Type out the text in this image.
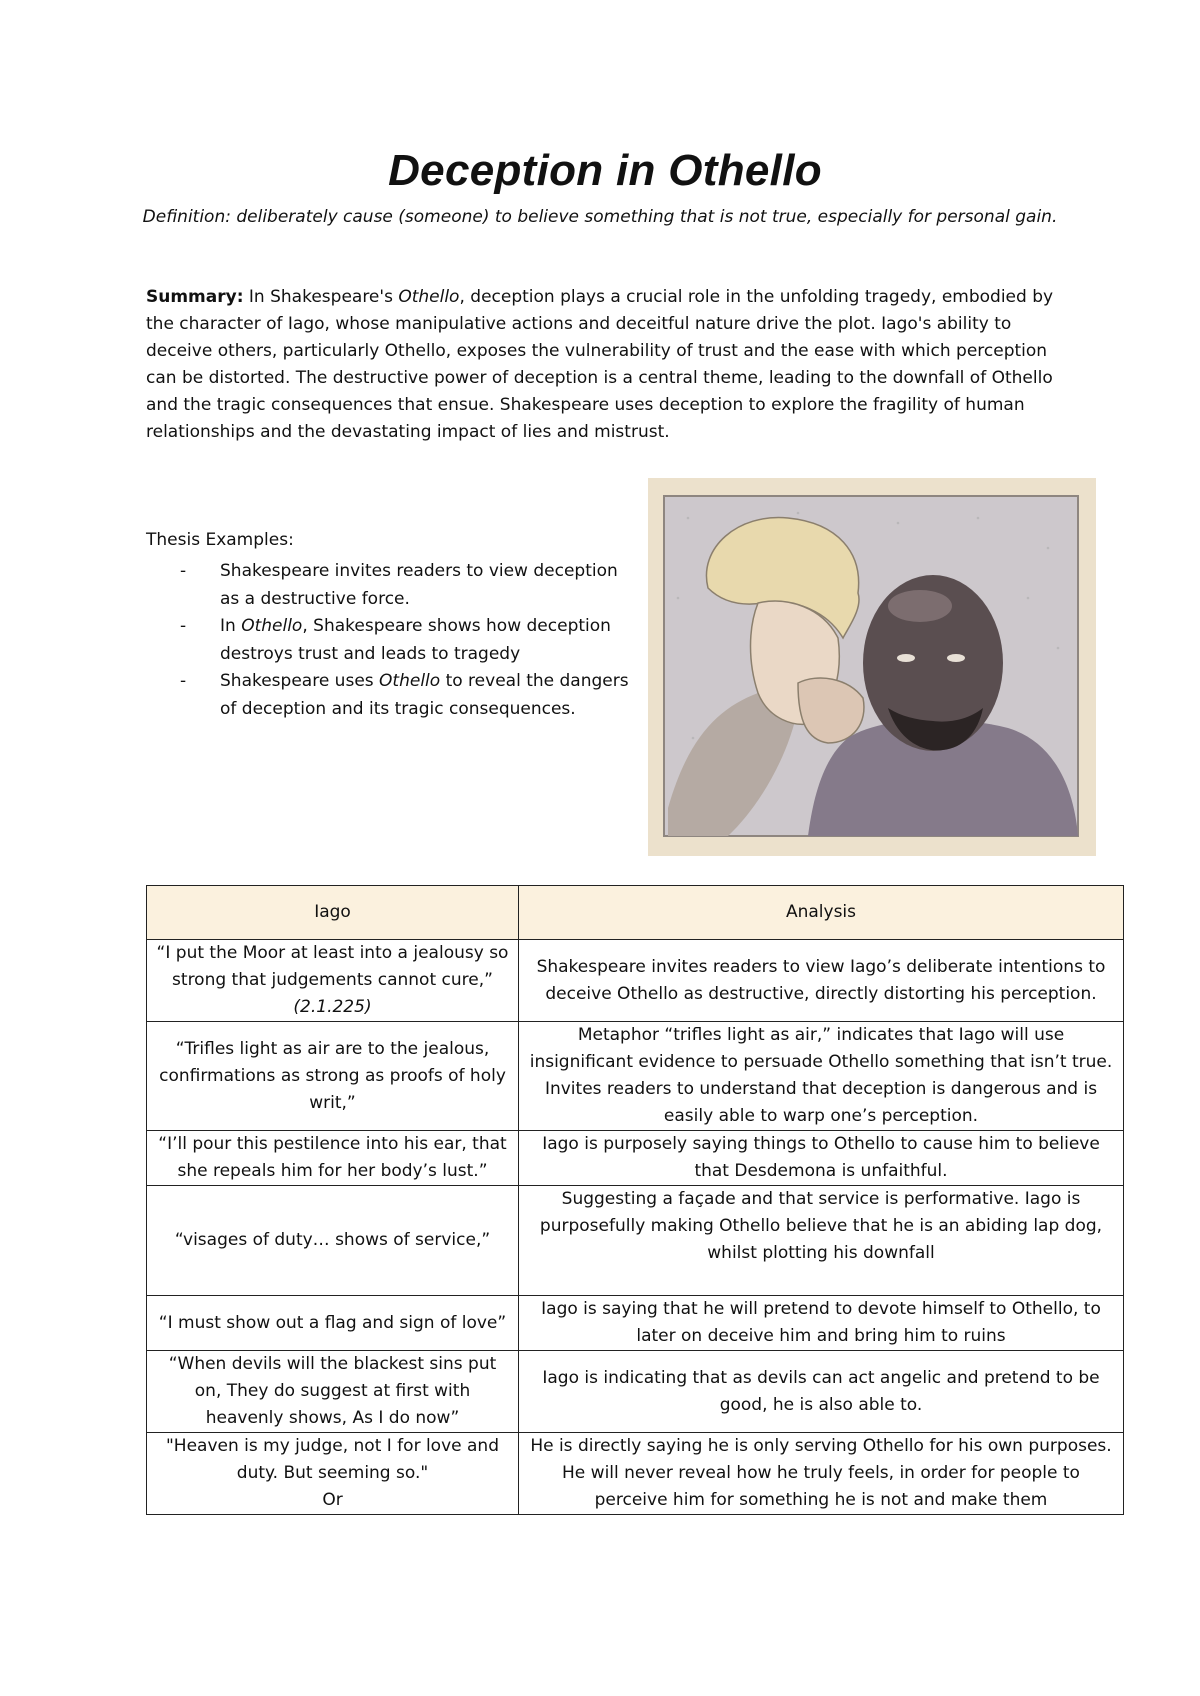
Deception in Othello

Definition: deliberately cause (someone) to believe something that is not true, especially for personal gain.

Summary: In Shakespeare's Othello, deception plays a crucial role in the unfolding tragedy, embodied by the character of Iago, whose manipulative actions and deceitful nature drive the plot. Iago's ability to deceive others, particularly Othello, exposes the vulnerability of trust and the ease with which perception can be distorted. The destructive power of deception is a central theme, leading to the downfall of Othello and the tragic consequences that ensue. Shakespeare uses deception to explore the fragility of human relationships and the devastating impact of lies and mistrust.

Thesis Examples:

- Shakespeare invites readers to view deception as a destructive force.
- In Othello, Shakespeare shows how deception destroys trust and leads to tragedy
- Shakespeare uses Othello to reveal the dangers of deception and its tragic consequences.
Iago	Analysis
“I put the Moor at least into a jealousy so strong that judgements cannot cure,” (2.1.225)	Shakespeare invites readers to view Iago’s deliberate intentions to deceive Othello as destructive, directly distorting his perception.
“Trifles light as air are to the jealous, confirmations as strong as proofs of holy writ,”	Metaphor “trifles light as air,” indicates that Iago will use insignificant evidence to persuade Othello something that isn’t true. Invites readers to understand that deception is dangerous and is easily able to warp one’s perception.
“I’ll pour this pestilence into his ear, that she repeals him for her body’s lust.”	Iago is purposely saying things to Othello to cause him to believe that Desdemona is unfaithful.
“visages of duty… shows of service,”	Suggesting a façade and that service is performative. Iago is purposefully making Othello believe that he is an abiding lap dog, whilst plotting his downfall
“I must show out a flag and sign of love”	Iago is saying that he will pretend to devote himself to Othello, to later on deceive him and bring him to ruins
“When devils will the blackest sins put on, They do suggest at first with heavenly shows, As I do now”	Iago is indicating that as devils can act angelic and pretend to be good, he is also able to.
"Heaven is my judge, not I for love and duty. But seeming so."
Or	He is directly saying he is only serving Othello for his own purposes. He will never reveal how he truly feels, in order for people to perceive him for something he is not and make them
